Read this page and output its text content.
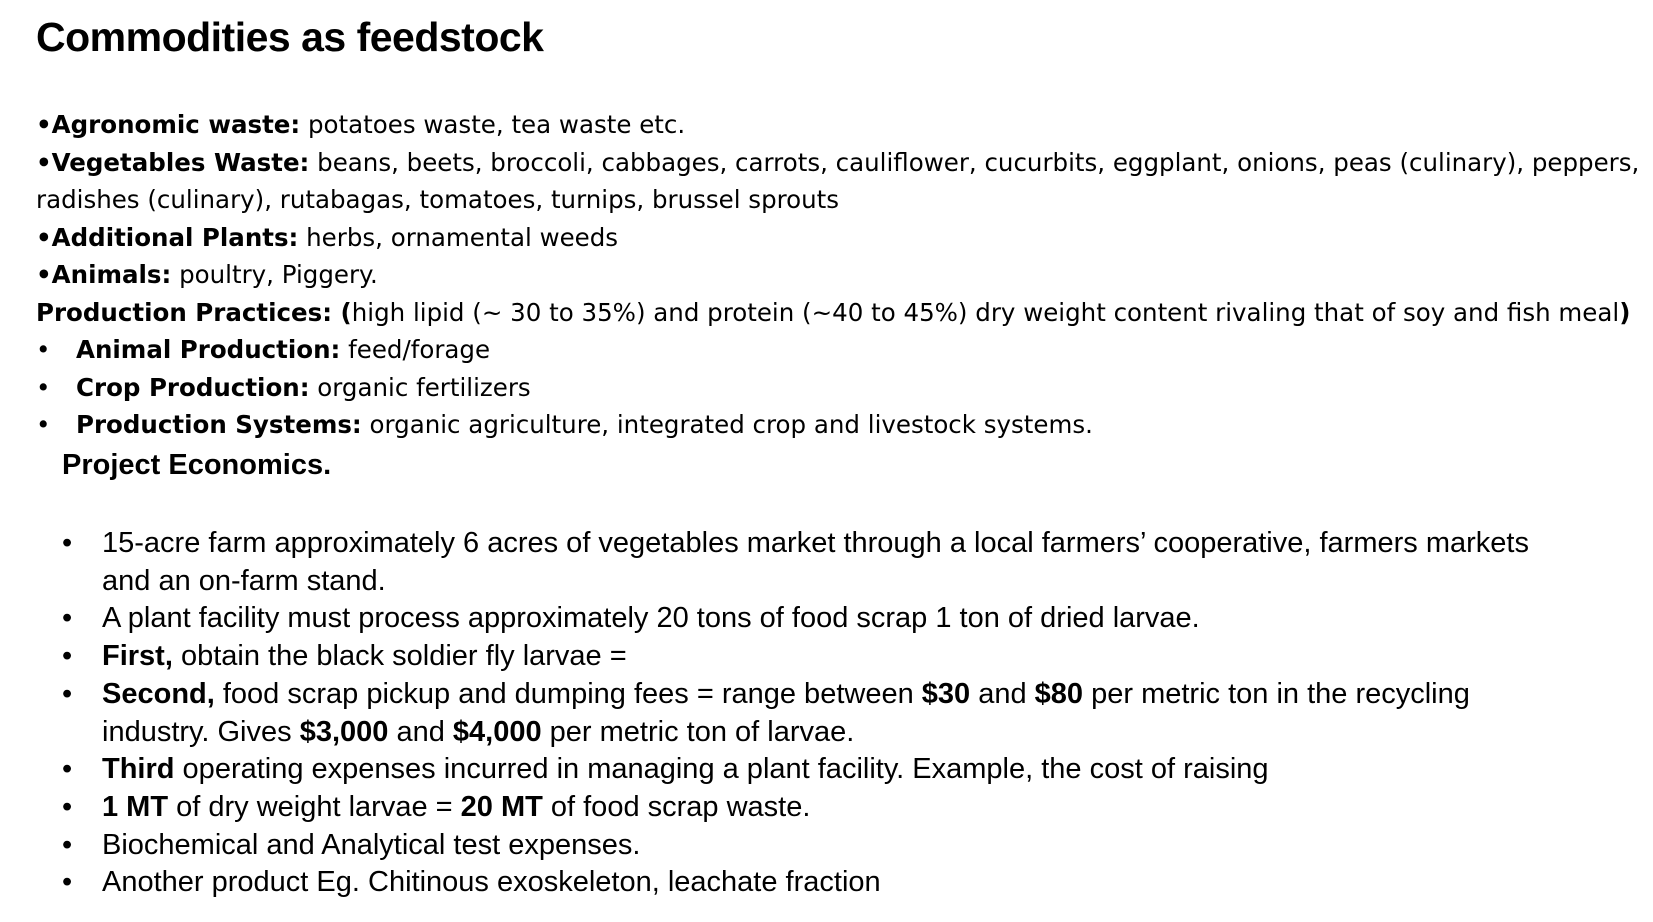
Commodities as feedstock
•Agronomic waste: potatoes waste, tea waste etc.
•Vegetables Waste: beans, beets, broccoli, cabbages, carrots, cauliflower, cucurbits, eggplant, onions, peas (culinary), peppers, radishes (culinary), rutabagas, tomatoes, turnips, brussel sprouts
•Additional Plants: herbs, ornamental weeds
•Animals: poultry, Piggery.
Production Practices: (high lipid (~ 30 to 35%) and protein (~40 to 45%) dry weight content rivaling that of soy and fish meal)
• Animal Production: feed/forage
• Crop Production: organic fertilizers
• Production Systems: organic agriculture, integrated crop and livestock systems.
Project Economics.
• 15-acre farm approximately 6 acres of vegetables market through a local farmers’ cooperative, farmers markets and an on-farm stand.
• A plant facility must process approximately 20 tons of food scrap 1 ton of dried larvae.
• First, obtain the black soldier fly larvae =
• Second, food scrap pickup and dumping fees = range between $30 and $80 per metric ton in the recycling industry. Gives $3,000 and $4,000 per metric ton of larvae.
• Third operating expenses incurred in managing a plant facility. Example, the cost of raising
• 1 MT of dry weight larvae = 20 MT of food scrap waste.
• Biochemical and Analytical test expenses.
• Another product Eg. Chitinous exoskeleton, leachate fraction
